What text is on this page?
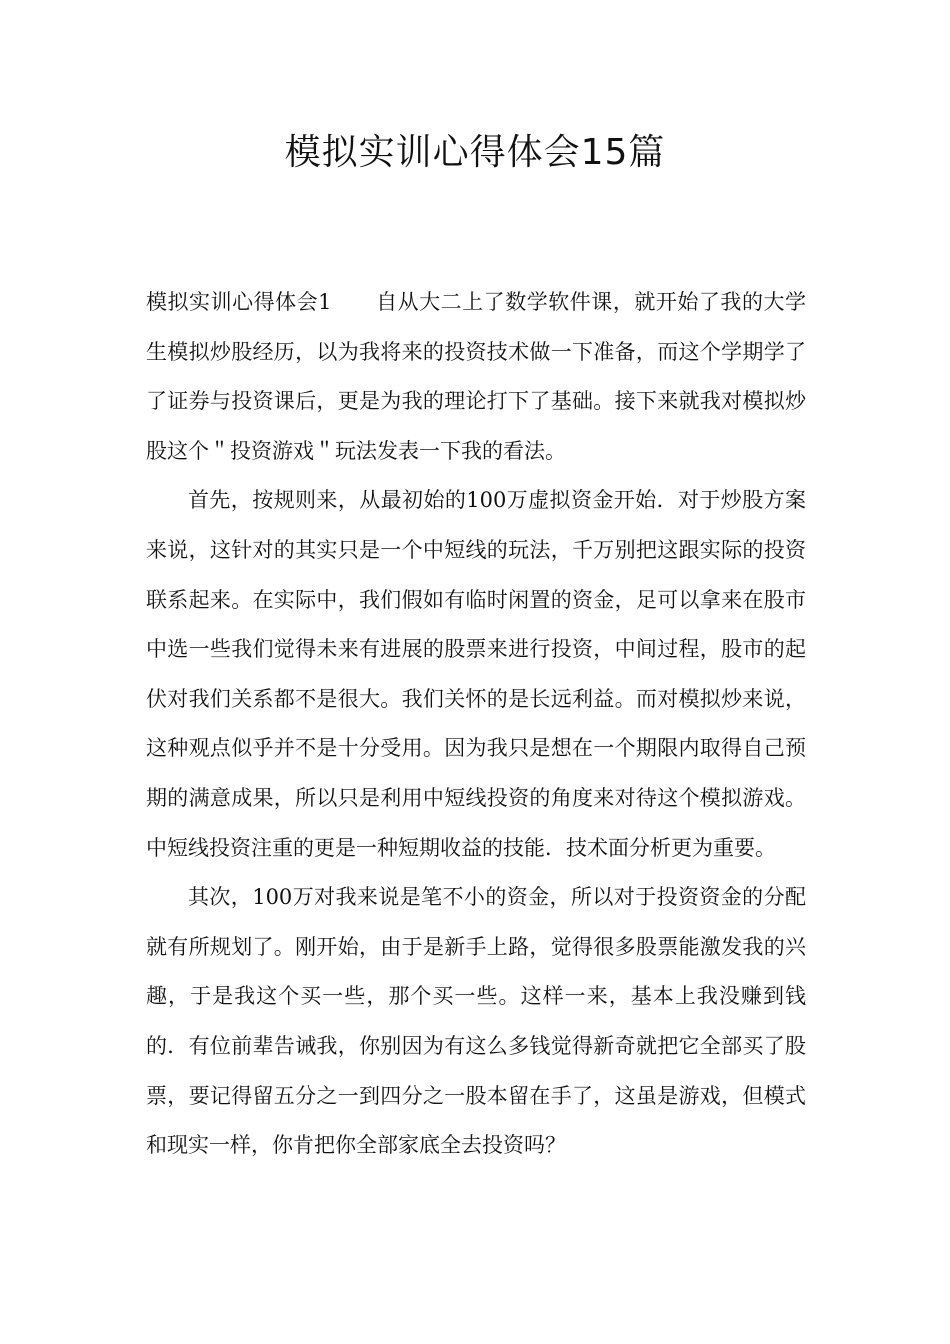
模拟实训心得体会15篇

模拟实训心得体会1 自从大二上了数学软件课，就开始了我的大学生模拟炒股经历，以为我将来的投资技术做一下准备，而这个学期学了了证券与投资课后，更是为我的理论打下了基础。接下来就我对模拟炒股这个＂投资游戏＂玩法发表一下我的看法。

首先，按规则来，从最初始的100万虚拟资金开始．对于炒股方案来说，这针对的其实只是一个中短线的玩法，千万别把这跟实际的投资联系起来。在实际中，我们假如有临时闲置的资金，足可以拿来在股市中选一些我们觉得未来有进展的股票来进行投资，中间过程，股市的起伏对我们关系都不是很大。我们关怀的是长远利益。而对模拟炒来说，这种观点似乎并不是十分受用。因为我只是想在一个期限内取得自己预期的满意成果，所以只是利用中短线投资的角度来对待这个模拟游戏。中短线投资注重的更是一种短期收益的技能．技术面分析更为重要。

其次，100万对我来说是笔不小的资金，所以对于投资资金的分配就有所规划了。刚开始，由于是新手上路，觉得很多股票能激发我的兴趣，于是我这个买一些，那个买一些。这样一来，基本上我没赚到钱的．有位前辈告诫我，你别因为有这么多钱觉得新奇就把它全部买了股票，要记得留五分之一到四分之一股本留在手了，这虽是游戏，但模式和现实一样，你肯把你全部家底全去投资吗？
